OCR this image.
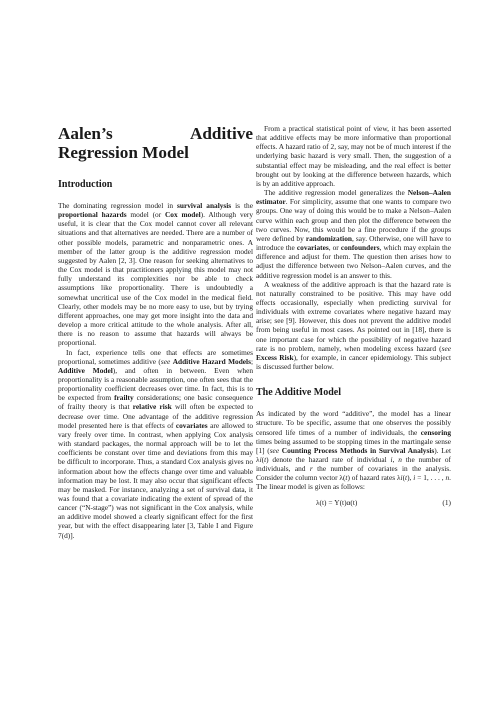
Aalen’s Additive Regression Model
Introduction

The dominating regression model in survival analysis is the proportional hazards model (or Cox model). Although very useful, it is clear that the Cox model cannot cover all relevant situations and that alternatives are needed. There are a number of other possible models, parametric and nonparametric ones. A member of the latter group is the additive regression model suggested by Aalen [2, 3]. One reason for seeking alternatives to the Cox model is that practitioners applying this model may not fully understand its complexities nor be able to check assumptions like proportionality. There is undoubtedly a somewhat uncritical use of the Cox model in the medical field. Clearly, other models may be no more easy to use, but by trying different approaches, one may get more insight into the data and develop a more critical attitude to the whole analysis. After all, there is no reason to assume that hazards will always be proportional.

In fact, experience tells one that effects are sometimes proportional, sometimes additive (see Additive Hazard Models; Additive Model), and often in between. Even when proportionality is a reasonable assumption, one often sees that the proportionality coefficient decreases over time. In fact, this is to be expected from frailty considerations; one basic consequence of frailty theory is that relative risk will often be expected to decrease over time. One advantage of the additive regression model presented here is that effects of covariates are allowed to vary freely over time. In contrast, when applying Cox analysis with standard packages, the normal approach will be to let the coefficients be constant over time and deviations from this may be difficult to incorporate. Thus, a standard Cox analysis gives no information about how the effects change over time and valuable information may be lost. It may also occur that significant effects may be masked. For instance, analyzing a set of survival data, it was found that a covariate indicating the extent of spread of the cancer (“N-stage”) was not significant in the Cox analysis, while an additive model showed a clearly significant effect for the first year, but with the effect disappearing later [3, Table I and Figure 7(d)].

From a practical statistical point of view, it has been asserted that additive effects may be more informative than proportional effects. A hazard ratio of 2, say, may not be of much interest if the underlying basic hazard is very small. Then, the suggestion of a substantial effect may be misleading, and the real effect is better brought out by looking at the difference between hazards, which is by an additive approach.

The additive regression model generalizes the Nelson–Aalen estimator. For simplicity, assume that one wants to compare two groups. One way of doing this would be to make a Nelson–Aalen curve within each group and then plot the difference between the two curves. Now, this would be a fine procedure if the groups were defined by randomization, say. Otherwise, one will have to introduce the covariates, or confounders, which may explain the difference and adjust for them. The question then arises how to adjust the difference between two Nelson–Aalen curves, and the additive regression model is an answer to this.

A weakness of the additive approach is that the hazard rate is not naturally constrained to be positive. This may have odd effects occasionally, especially when predicting survival for individuals with extreme covariates where negative hazard may arise; see [9]. However, this does not prevent the additive model from being useful in most cases. As pointed out in [18], there is one important case for which the possibility of negative hazard rate is no problem, namely, when modeling excess hazard (see Excess Risk), for example, in cancer epidemiology. This subject is discussed further below.

The Additive Model

As indicated by the word “additive”, the model has a linear structure. To be specific, assume that one observes the possibly censored life times of a number of individuals, the censoring times being assumed to be stopping times in the martingale sense [1] (see Counting Process Methods in Survival Analysis). Let λi(t) denote the hazard rate of individual i, n the number of individuals, and r the number of covariates in the analysis. Consider the column vector λ(t) of hazard rates λi(t), i = 1, . . . , n. The linear model is given as follows:

λ(t) = Y(t)α(t)	(1)
